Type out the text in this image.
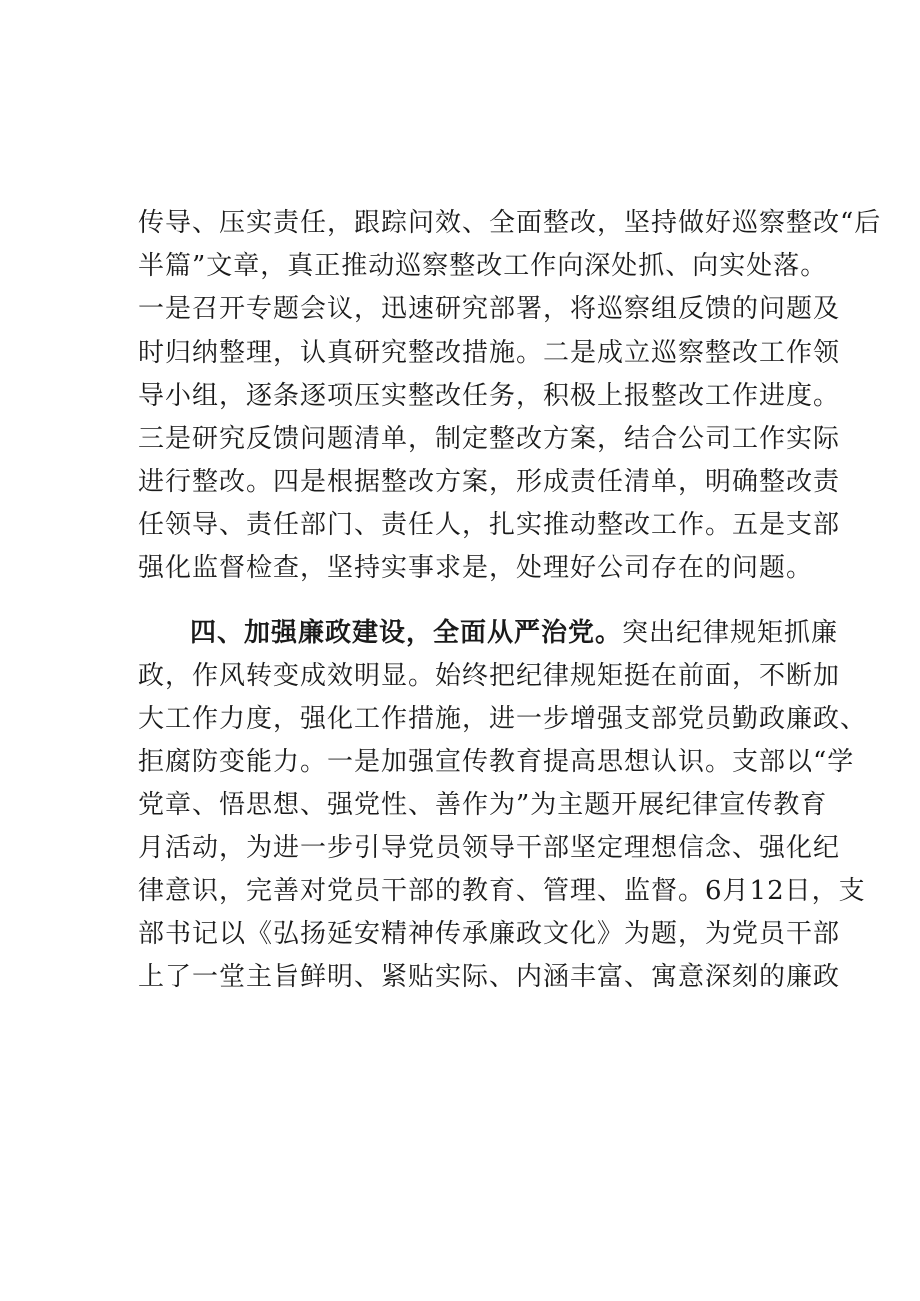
传导、压实责任，跟踪问效、全面整改，坚持做好巡察整改“后
半篇”文章，真正推动巡察整改工作向深处抓、向实处落。
一是召开专题会议，迅速研究部署，将巡察组反馈的问题及
时归纳整理，认真研究整改措施。二是成立巡察整改工作领
导小组，逐条逐项压实整改任务，积极上报整改工作进度。
三是研究反馈问题清单，制定整改方案，结合公司工作实际
进行整改。四是根据整改方案，形成责任清单，明确整改责
任领导、责任部门、责任人，扎实推动整改工作。五是支部
强化监督检查，坚持实事求是，处理好公司存在的问题。
四、加强廉政建设，全面从严治党。突出纪律规矩抓廉
政，作风转变成效明显。始终把纪律规矩挺在前面，不断加
大工作力度，强化工作措施，进一步增强支部党员勤政廉政、
拒腐防变能力。一是加强宣传教育提高思想认识。支部以“学
党章、悟思想、强党性、善作为”为主题开展纪律宣传教育
月活动，为进一步引导党员领导干部坚定理想信念、强化纪
律意识，完善对党员干部的教育、管理、监督。6月12日，支
部书记以《弘扬延安精神传承廉政文化》为题，为党员干部
上了一堂主旨鲜明、紧贴实际、内涵丰富、寓意深刻的廉政
